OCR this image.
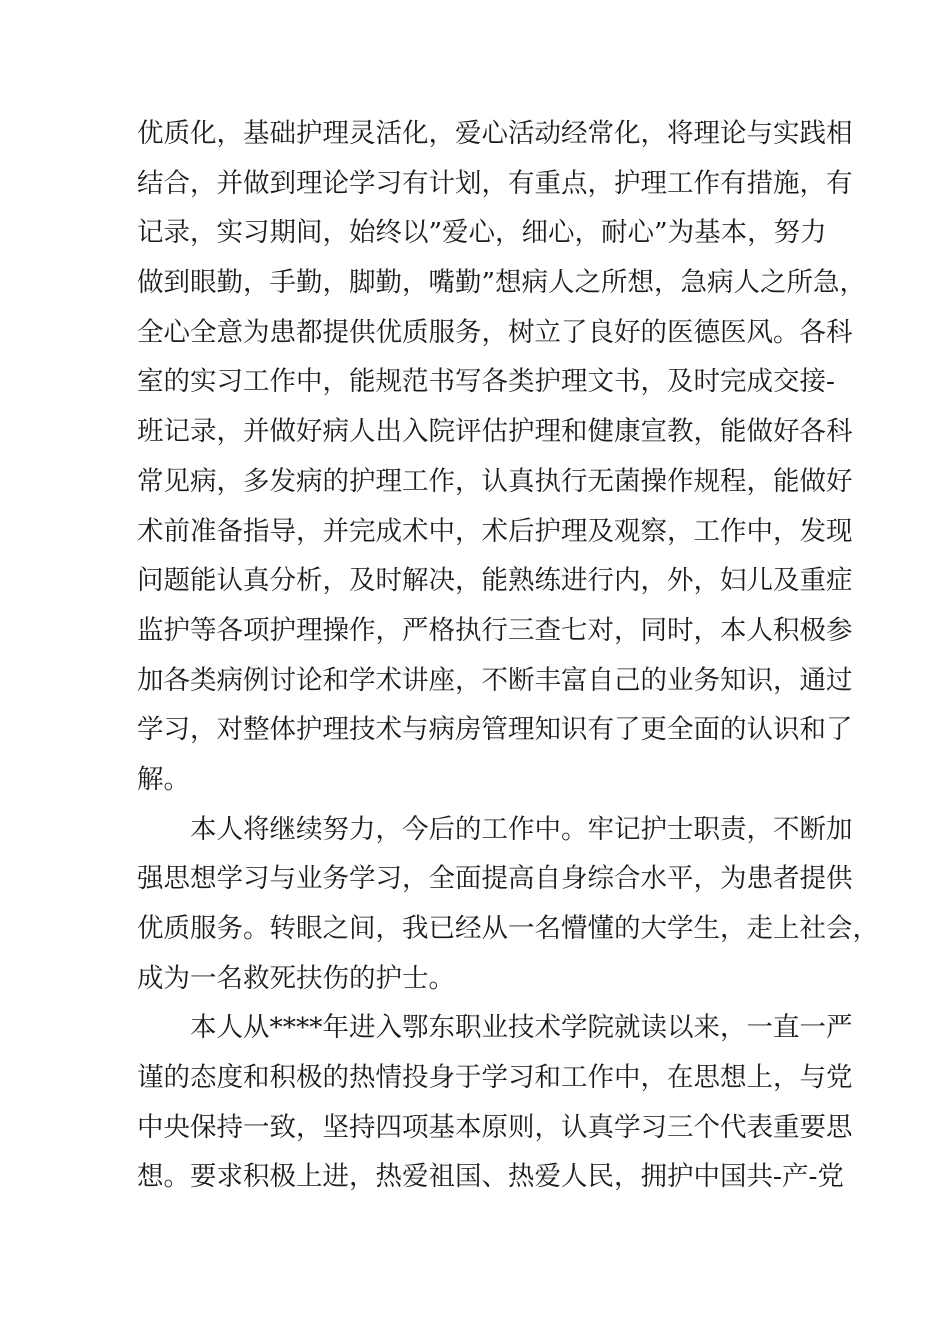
优质化，基础护理灵活化，爱心活动经常化，将理论与实践相
结合，并做到理论学习有计划，有重点，护理工作有措施，有
记录，实习期间，始终以”爱心，细心，耐心”为基本，努力
做到眼勤，手勤，脚勤，嘴勤”想病人之所想，急病人之所急，
全心全意为患都提供优质服务，树立了良好的医德医风。各科
室的实习工作中，能规范书写各类护理文书，及时完成交接-
班记录，并做好病人出入院评估护理和健康宣教，能做好各科
常见病，多发病的护理工作，认真执行无菌操作规程，能做好
术前准备指导，并完成术中，术后护理及观察，工作中，发现
问题能认真分析，及时解决，能熟练进行内，外，妇儿及重症
监护等各项护理操作，严格执行三查七对，同时，本人积极参
加各类病例讨论和学术讲座，不断丰富自己的业务知识，通过
学习，对整体护理技术与病房管理知识有了更全面的认识和了
解。
本人将继续努力，今后的工作中。牢记护士职责，不断加
强思想学习与业务学习，全面提高自身综合水平，为患者提供
优质服务。转眼之间，我已经从一名懵懂的大学生，走上社会，
成为一名救死扶伤的护士。
本人从****年进入鄂东职业技术学院就读以来，一直一严
谨的态度和积极的热情投身于学习和工作中，在思想上，与党
中央保持一致，坚持四项基本原则，认真学习三个代表重要思
想。要求积极上进，热爱祖国、热爱人民，拥护中国共-产-党
